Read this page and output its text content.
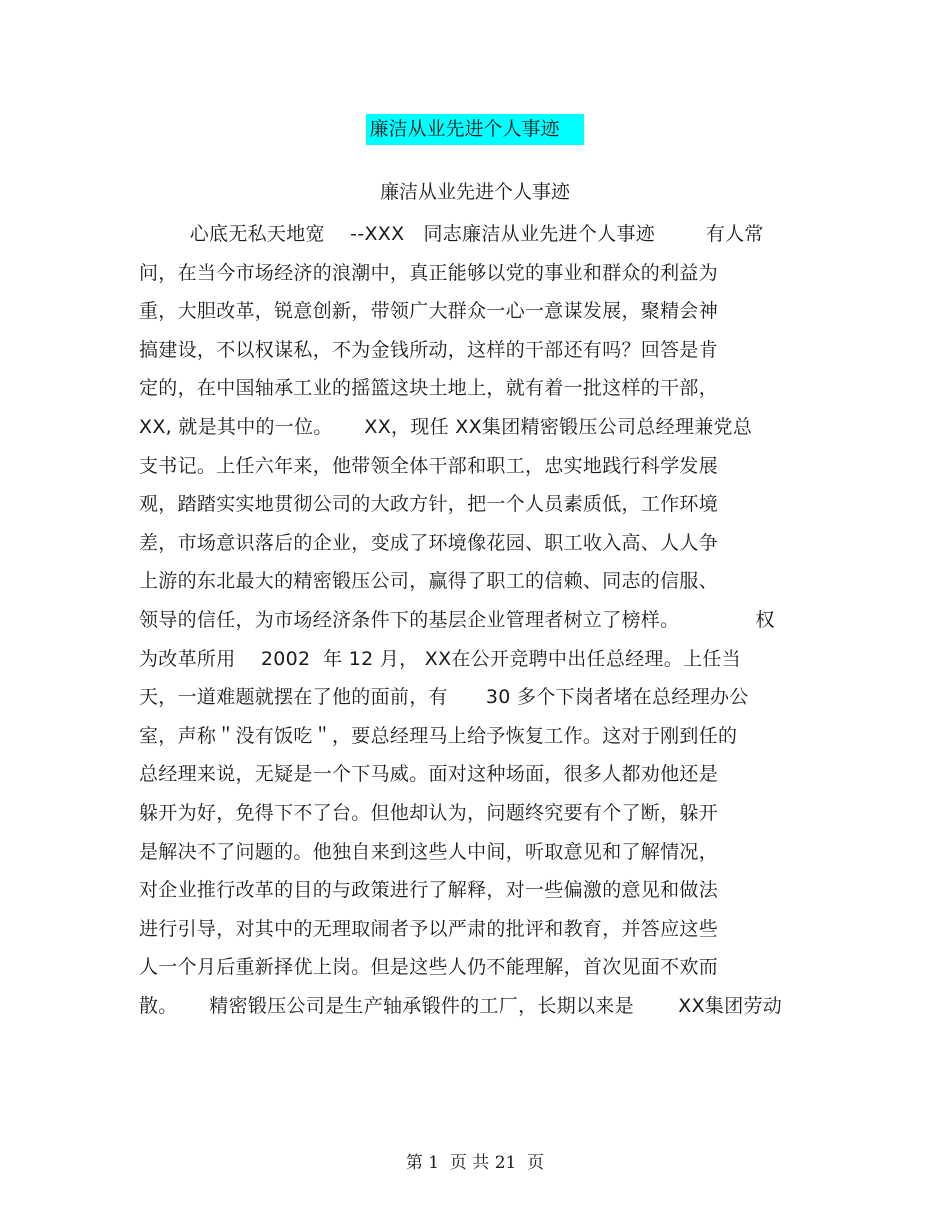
廉洁从业先进个人事迹
廉洁从业先进个人事迹
心底无私天地宽    --XXX   同志廉洁从业先进个人事迹        有人常
问，在当今市场经济的浪潮中，真正能够以党的事业和群众的利益为
重，大胆改革，锐意创新，带领广大群众一心一意谋发展，聚精会神
搞建设，不以权谋私，不为金钱所动，这样的干部还有吗？回答是肯
定的，在中国轴承工业的摇篮这块土地上，就有着一批这样的干部，
XX, 就是其中的一位。     XX，现任 XX集团精密锻压公司总经理兼党总
支书记。上任六年来，他带领全体干部和职工，忠实地践行科学发展
观，踏踏实实地贯彻公司的大政方针，把一个人员素质低，工作环境
差，市场意识落后的企业，变成了环境像花园、职工收入高、人人争
上游的东北最大的精密锻压公司，赢得了职工的信赖、同志的信服、
领导的信任，为市场经济条件下的基层企业管理者树立了榜样。            权
为改革所用    2002  年 12 月， XX在公开竞聘中出任总经理。上任当
天，一道难题就摆在了他的面前，有      30 多个下岗者堵在总经理办公
室，声称＂没有饭吃＂，要总经理马上给予恢复工作。这对于刚到任的
总经理来说，无疑是一个下马威。面对这种场面，很多人都劝他还是
躲开为好，免得下不了台。但他却认为，问题终究要有个了断，躲开
是解决不了问题的。他独自来到这些人中间，听取意见和了解情况，
对企业推行改革的目的与政策进行了解释，对一些偏激的意见和做法
进行引导，对其中的无理取闹者予以严肃的批评和教育，并答应这些
人一个月后重新择优上岗。但是这些人仍不能理解，首次见面不欢而
散。     精密锻压公司是生产轴承锻件的工厂，长期以来是       XX集团劳动
第 1  页 共 21  页
